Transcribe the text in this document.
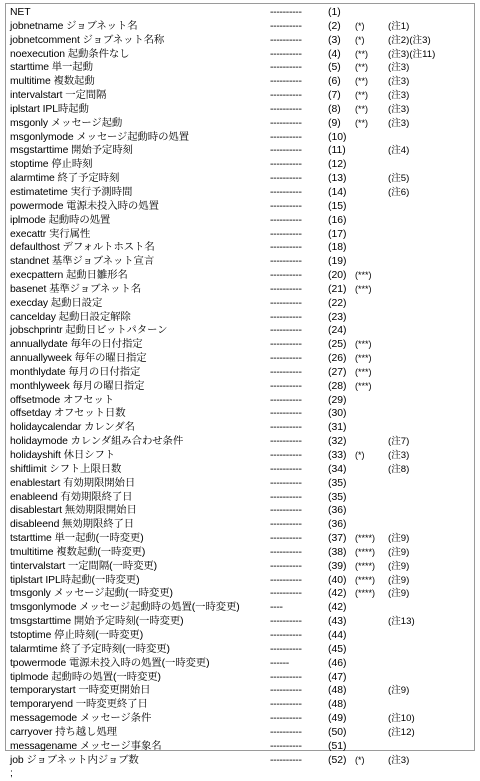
NET	----------	(1)
jobnetname ジョブネット名	----------	(2) (*) (注1)
jobnetcomment ジョブネット名称	----------	(3) (*) (注2)(注3)
noexecution 起動条件なし	----------	(4) (**) (注3)(注11)
starttime 単一起動	----------	(5) (**) (注3)
multitime 複数起動	----------	(6) (**) (注3)
intervalstart 一定間隔	----------	(7) (**) (注3)
iplstart IPL時起動	----------	(8) (**) (注3)
msgonly メッセージ起動	----------	(9) (**) (注3)
msgonlymode メッセージ起動時の処置	----------	(10)
msgstarttime 開始予定時刻	----------	(11)	(注4)
stoptime 停止時刻	----------	(12)
alarmtime 終了予定時刻	----------	(13)	(注5)
estimatetime 実行予測時間	----------	(14)	(注6)
powermode 電源未投入時の処置	----------	(15)
iplmode 起動時の処置	----------	(16)
execattr 実行属性	----------	(17)
defaulthost デフォルトホスト名	----------	(18)
standnet 基準ジョブネット宣言	----------	(19)
execpattern 起動日雛形名	----------	(20) (***)
basenet 基準ジョブネット名	----------	(21) (***)
execday 起動日設定	----------	(22)
cancelday 起動日設定解除	----------	(23)
jobschprintr 起動日ビットパターン	----------	(24)
annuallydate 毎年の日付指定	----------	(25) (***)
annuallyweek 毎年の曜日指定	----------	(26) (***)
monthlydate 毎月の日付指定	----------	(27) (***)
monthlyweek 毎月の曜日指定	----------	(28) (***)
offsetmode オフセット	----------	(29)
offsetday オフセット日数	----------	(30)
holidaycalendar カレンダ名	----------	(31)
holidaymode カレンダ組み合わせ条件	----------	(32)	(注7)
holidayshift 休日シフト	----------	(33) (*) (注3)
shiftlimit シフト上限日数	----------	(34)	(注8)
enablestart 有効期限開始日	----------	(35)
enableend 有効期限終了日	----------	(35)
disablestart 無効期限開始日	----------	(36)
disableend 無効期限終了日	----------	(36)
tstarttime 単一起動(一時変更)	----------	(37) (****) (注9)
tmultitime 複数起動(一時変更)	----------	(38) (****) (注9)
tintervalstart 一定間隔(一時変更)	----------	(39) (****) (注9)
tiplstart IPL時起動(一時変更)	----------	(40) (****) (注9)
tmsgonly メッセージ起動(一時変更)	----------	(42) (****) (注9)
tmsgonlymode メッセージ起動時の処置(一時変更)	----	(42)
tmsgstarttime 開始予定時刻(一時変更)	----------	(43)	(注13)
tstoptime 停止時刻(一時変更)	----------	(44)
talarmtime 終了予定時刻(一時変更)	----------	(45)
tpowermode 電源未投入時の処置(一時変更)	------	(46)
tiplmode 起動時の処置(一時変更)	----------	(47)
temporarystart 一時変更開始日	----------	(48)	(注9)
temporaryend 一時変更終了日	----------	(48)
messagemode メッセージ条件	----------	(49)	(注10)
carryover 持ち越し処理	----------	(50)	(注12)
messagename メッセージ事象名	----------	(51)
job ジョブネット内ジョブ数	----------	(52) (*) (注3)
;
